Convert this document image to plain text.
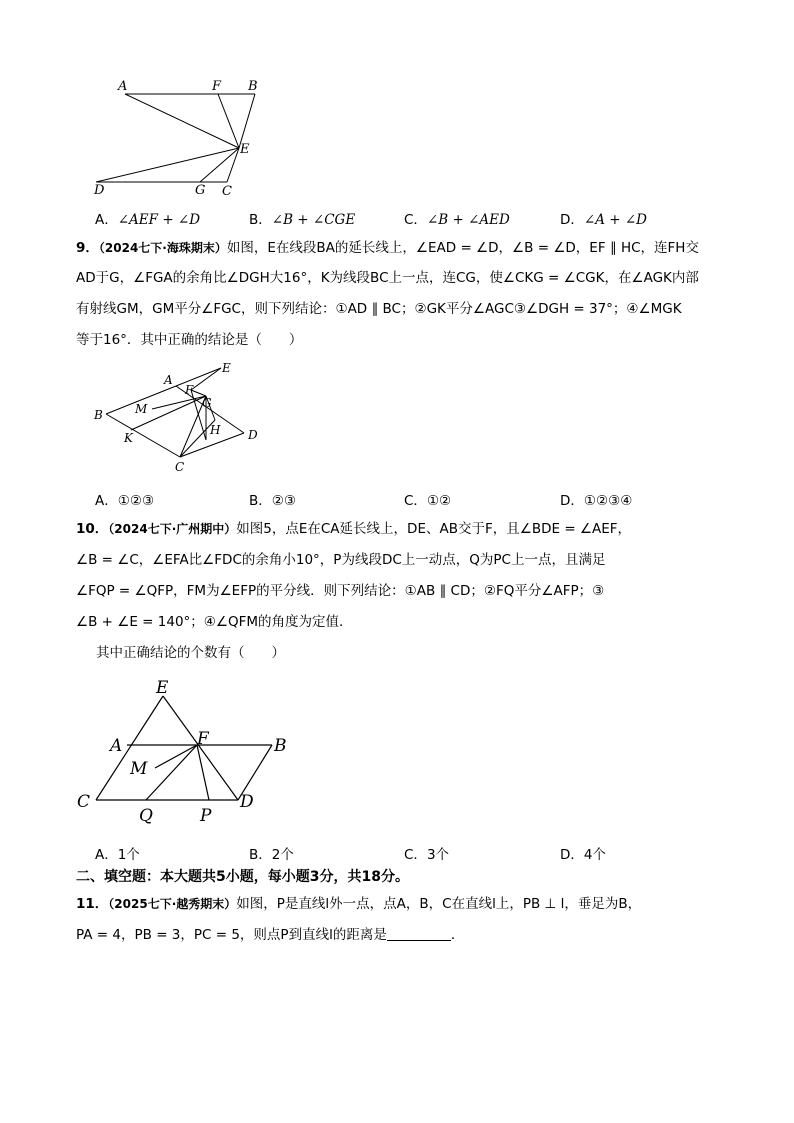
A	F B
E
D	G C
A．∠AEF + ∠D	B．∠B + ∠CGE	C．∠B + ∠AED	D．∠A + ∠D
9．（2024七下·海珠期末）如图，E在线段BA的延长线上，∠EAD = ∠D，∠B = ∠D，EF ∥ HC，连FH交
AD于G，∠FGA的余角比∠DGH大16°，K为线段BC上一点，连CG，使∠CKG = ∠CGK，在∠AGK内部
有射线GM，GM平分∠FGC，则下列结论：①AD ∥ BC；②GK平分∠AGC③∠DGH = 37°；④∠MGK
等于16°．其中正确的结论是（　　）
E
A
F
M	G
B
H D
K
C
A．①②③	B．②③	C．①②	D．①②③④
10．（2024七下·广州期中）如图5，点E在CA延长线上，DE、AB交于F，且∠BDE = ∠AEF，
∠B = ∠C，∠EFA比∠FDC的余角小10°，P为线段DC上一动点，Q为PC上一点，且满足
∠FQP = ∠QFP，FM为∠EFP的平分线．则下列结论：①AB ∥ CD；②FQ平分∠AFP；③
∠B + ∠E = 140°；④∠QFM的角度为定值．
其中正确结论的个数有（　　）
E
A	F	B
M
C
Q	P
D
A．1个	B．2个	C．3个	D．4个
二、填空题：本大题共5小题，每小题3分，共18分。
11．（2025七下·越秀期末）如图，P是直线l外一点，点A，B，C在直线l上，PB ⊥ l，垂足为B，
PA = 4，PB = 3，PC = 5，则点P到直线l的距离是	．
